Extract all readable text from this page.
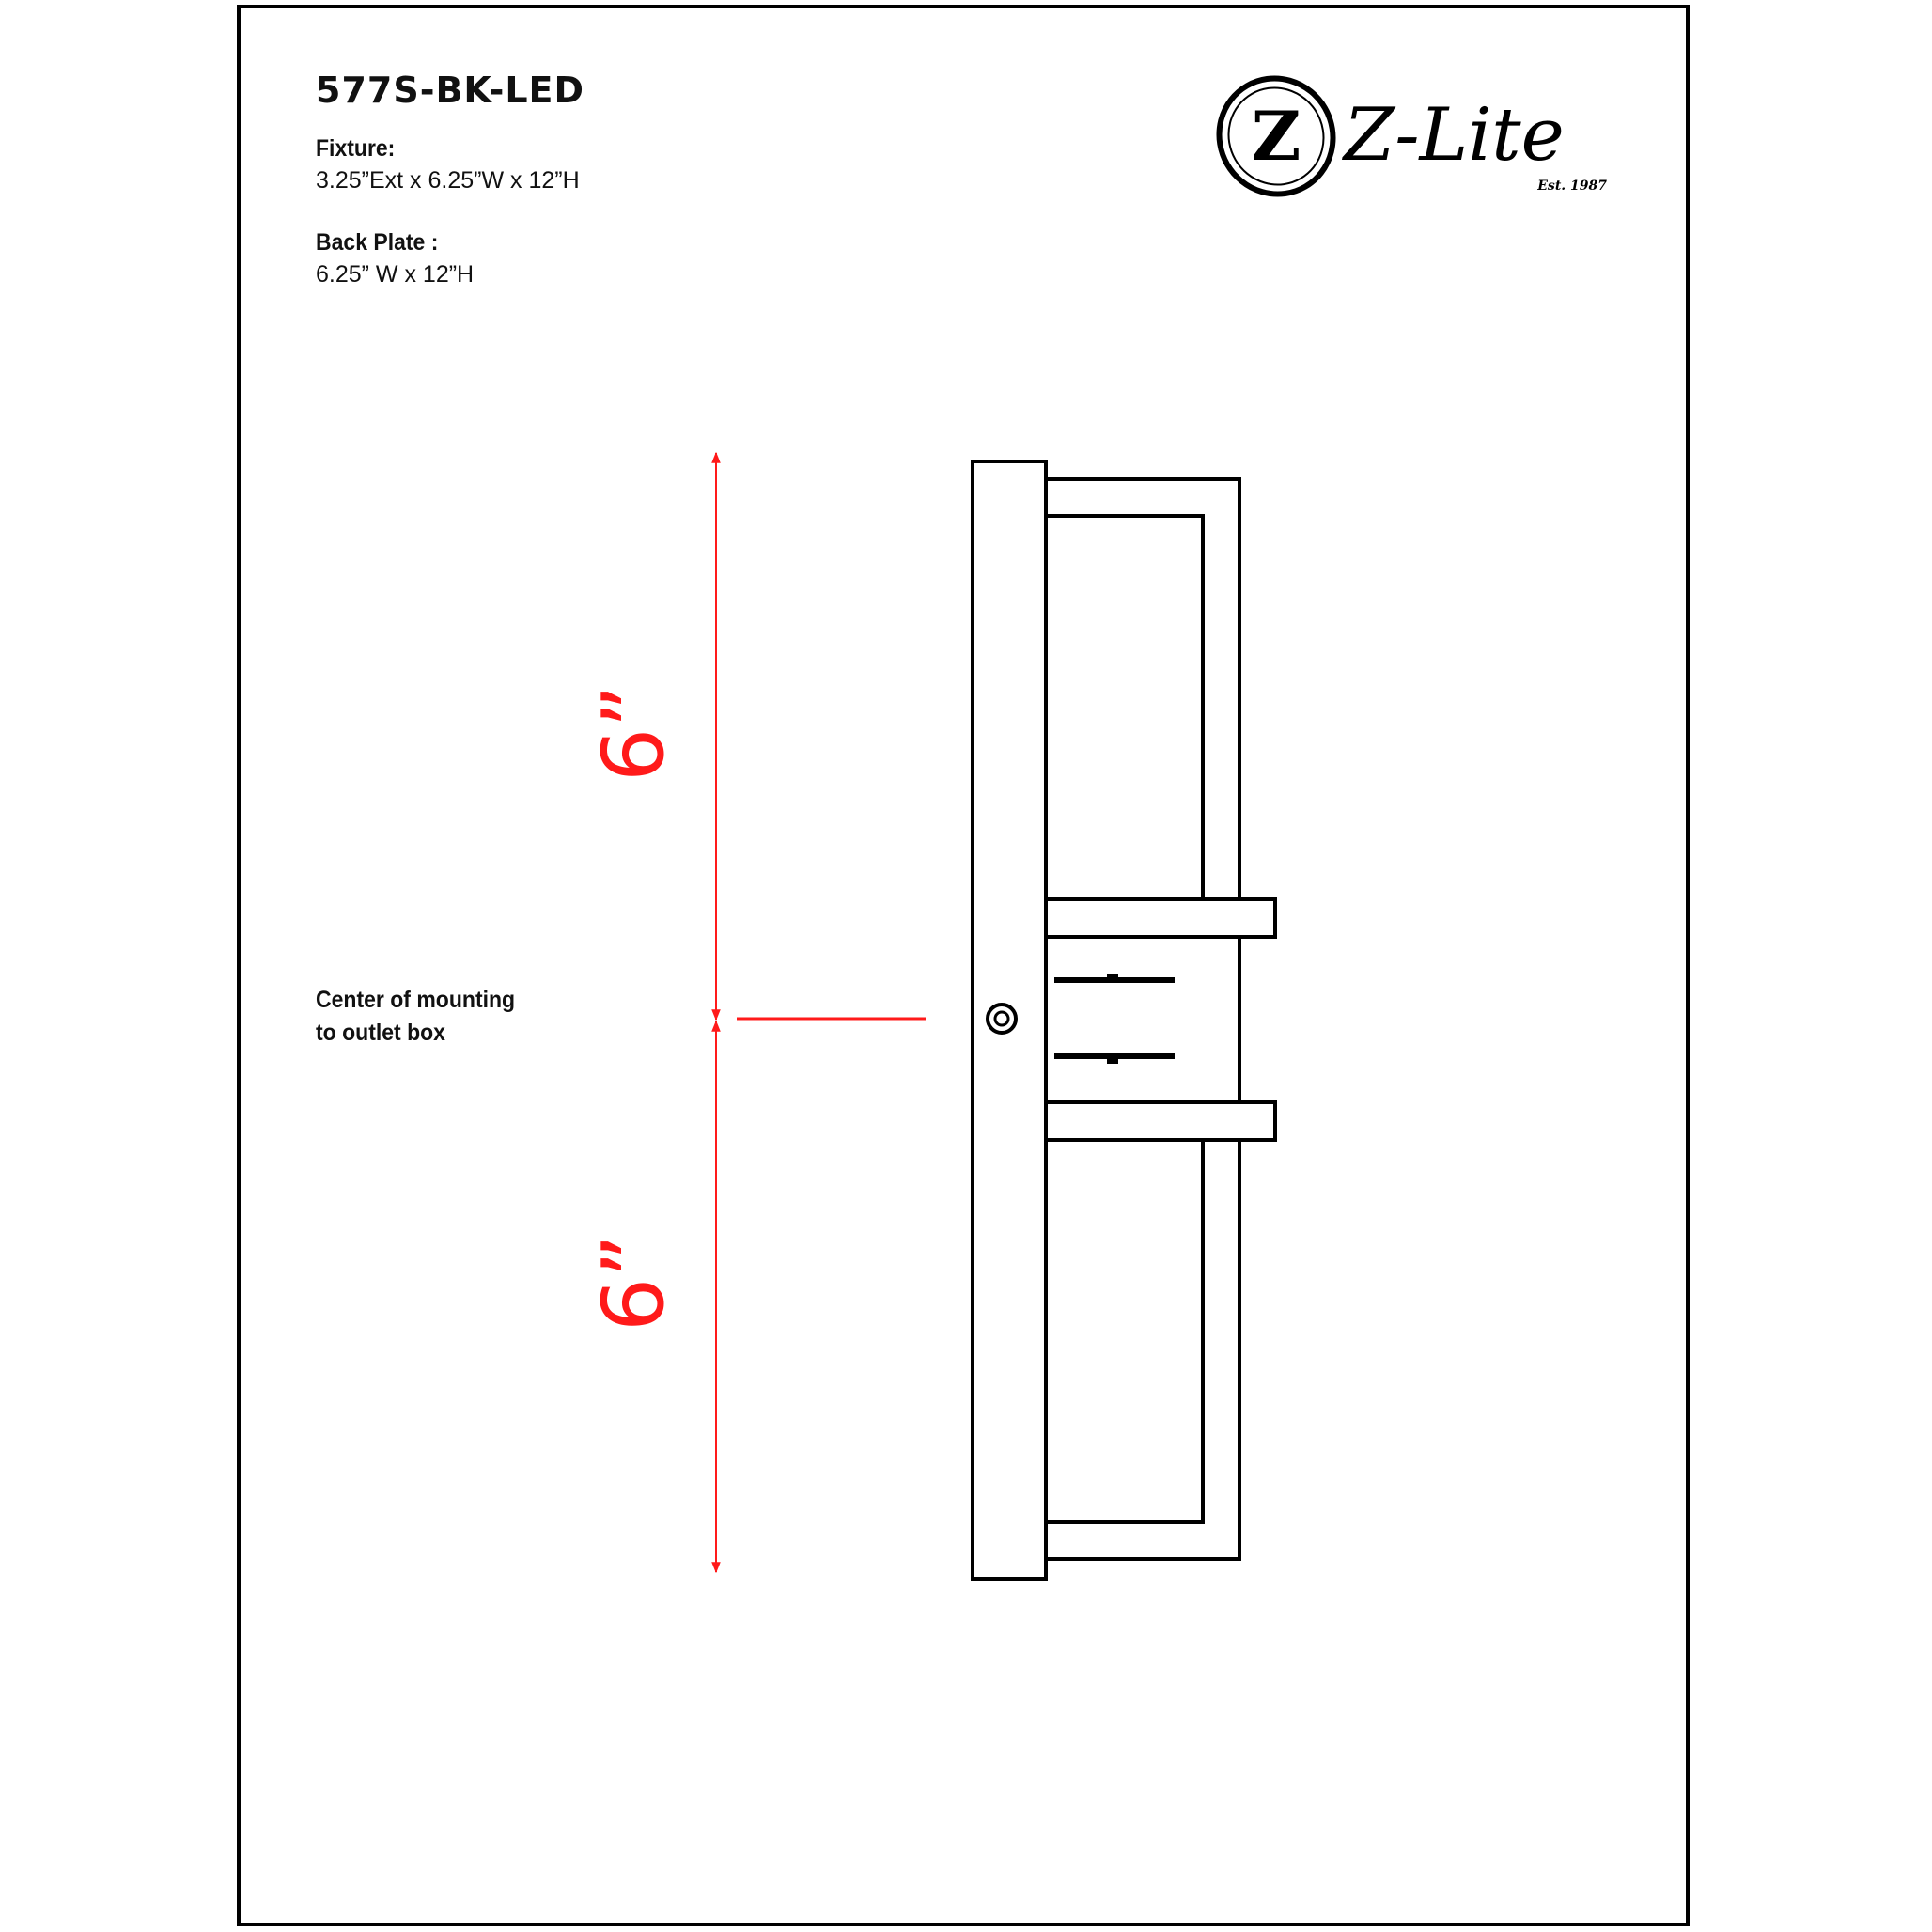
577S-BK-LED
Fixture:
3.25”Ext x 6.25”W x 12”H
Back Plate :
6.25” W x 12”H
Center of mounting
to outlet box
Z Z-Lite
Est. 1987
6”
6”
